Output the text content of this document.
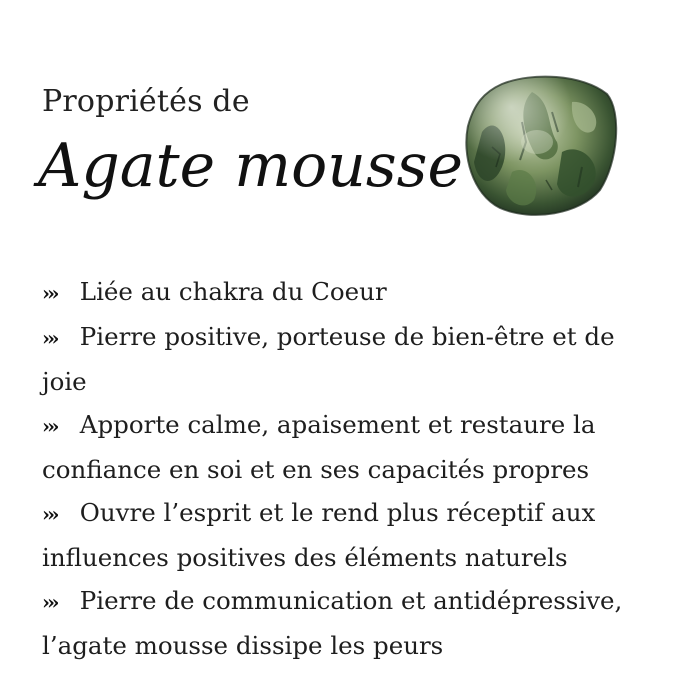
Propriétés de
Agate mousse
›» Liée au chakra du Coeur
›» Pierre positive, porteuse de bien-être et de joie
›» Apporte calme, apaisement et restaure la confiance en soi et en ses capacités propres
›» Ouvre l’esprit et le rend plus réceptif aux influences positives des éléments naturels
›» Pierre de communication et antidépressive, l’agate mousse dissipe les peurs
